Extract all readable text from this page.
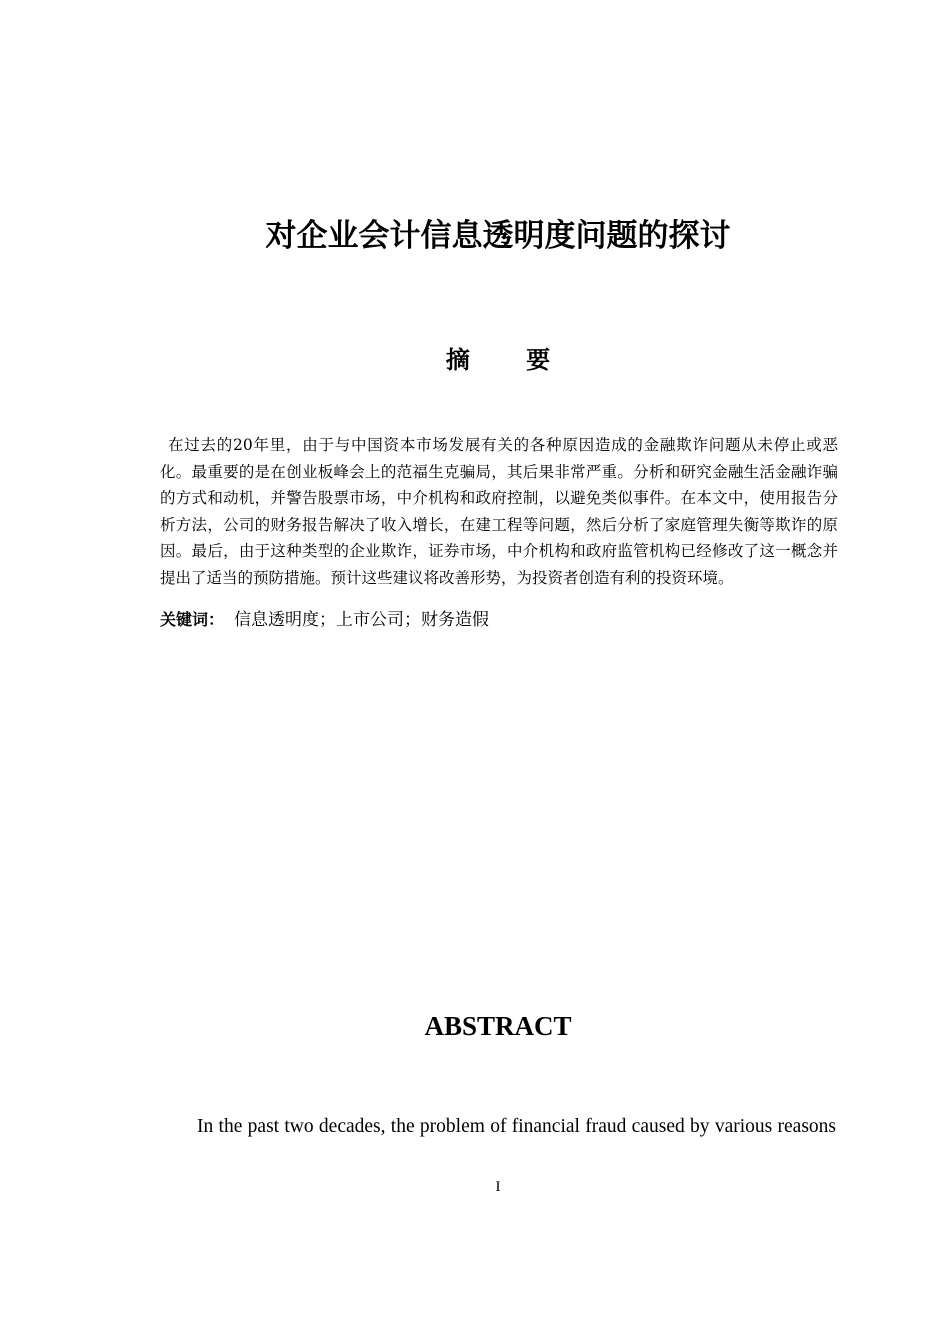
对企业会计信息透明度问题的探讨
摘 要

在过去的20年里，由于与中国资本市场发展有关的各种原因造成的金融欺诈问题从未停止或恶化。最重要的是在创业板峰会上的范福生克骗局，其后果非常严重。分析和研究金融生活金融诈骗的方式和动机，并警告股票市场，中介机构和政府控制，以避免类似事件。在本文中，使用报告分析方法，公司的财务报告解决了收入增长，在建工程等问题，然后分析了家庭管理失衡等欺诈的原因。最后，由于这种类型的企业欺诈，证券市场，中介机构和政府监管机构已经修改了这一概念并提出了适当的预防措施。预计这些建议将改善形势，为投资者创造有利的投资环境。

关键词： 信息透明度；上市公司；财务造假

ABSTRACT

In the past two decades, the problem of financial fraud caused by various reasons

I
